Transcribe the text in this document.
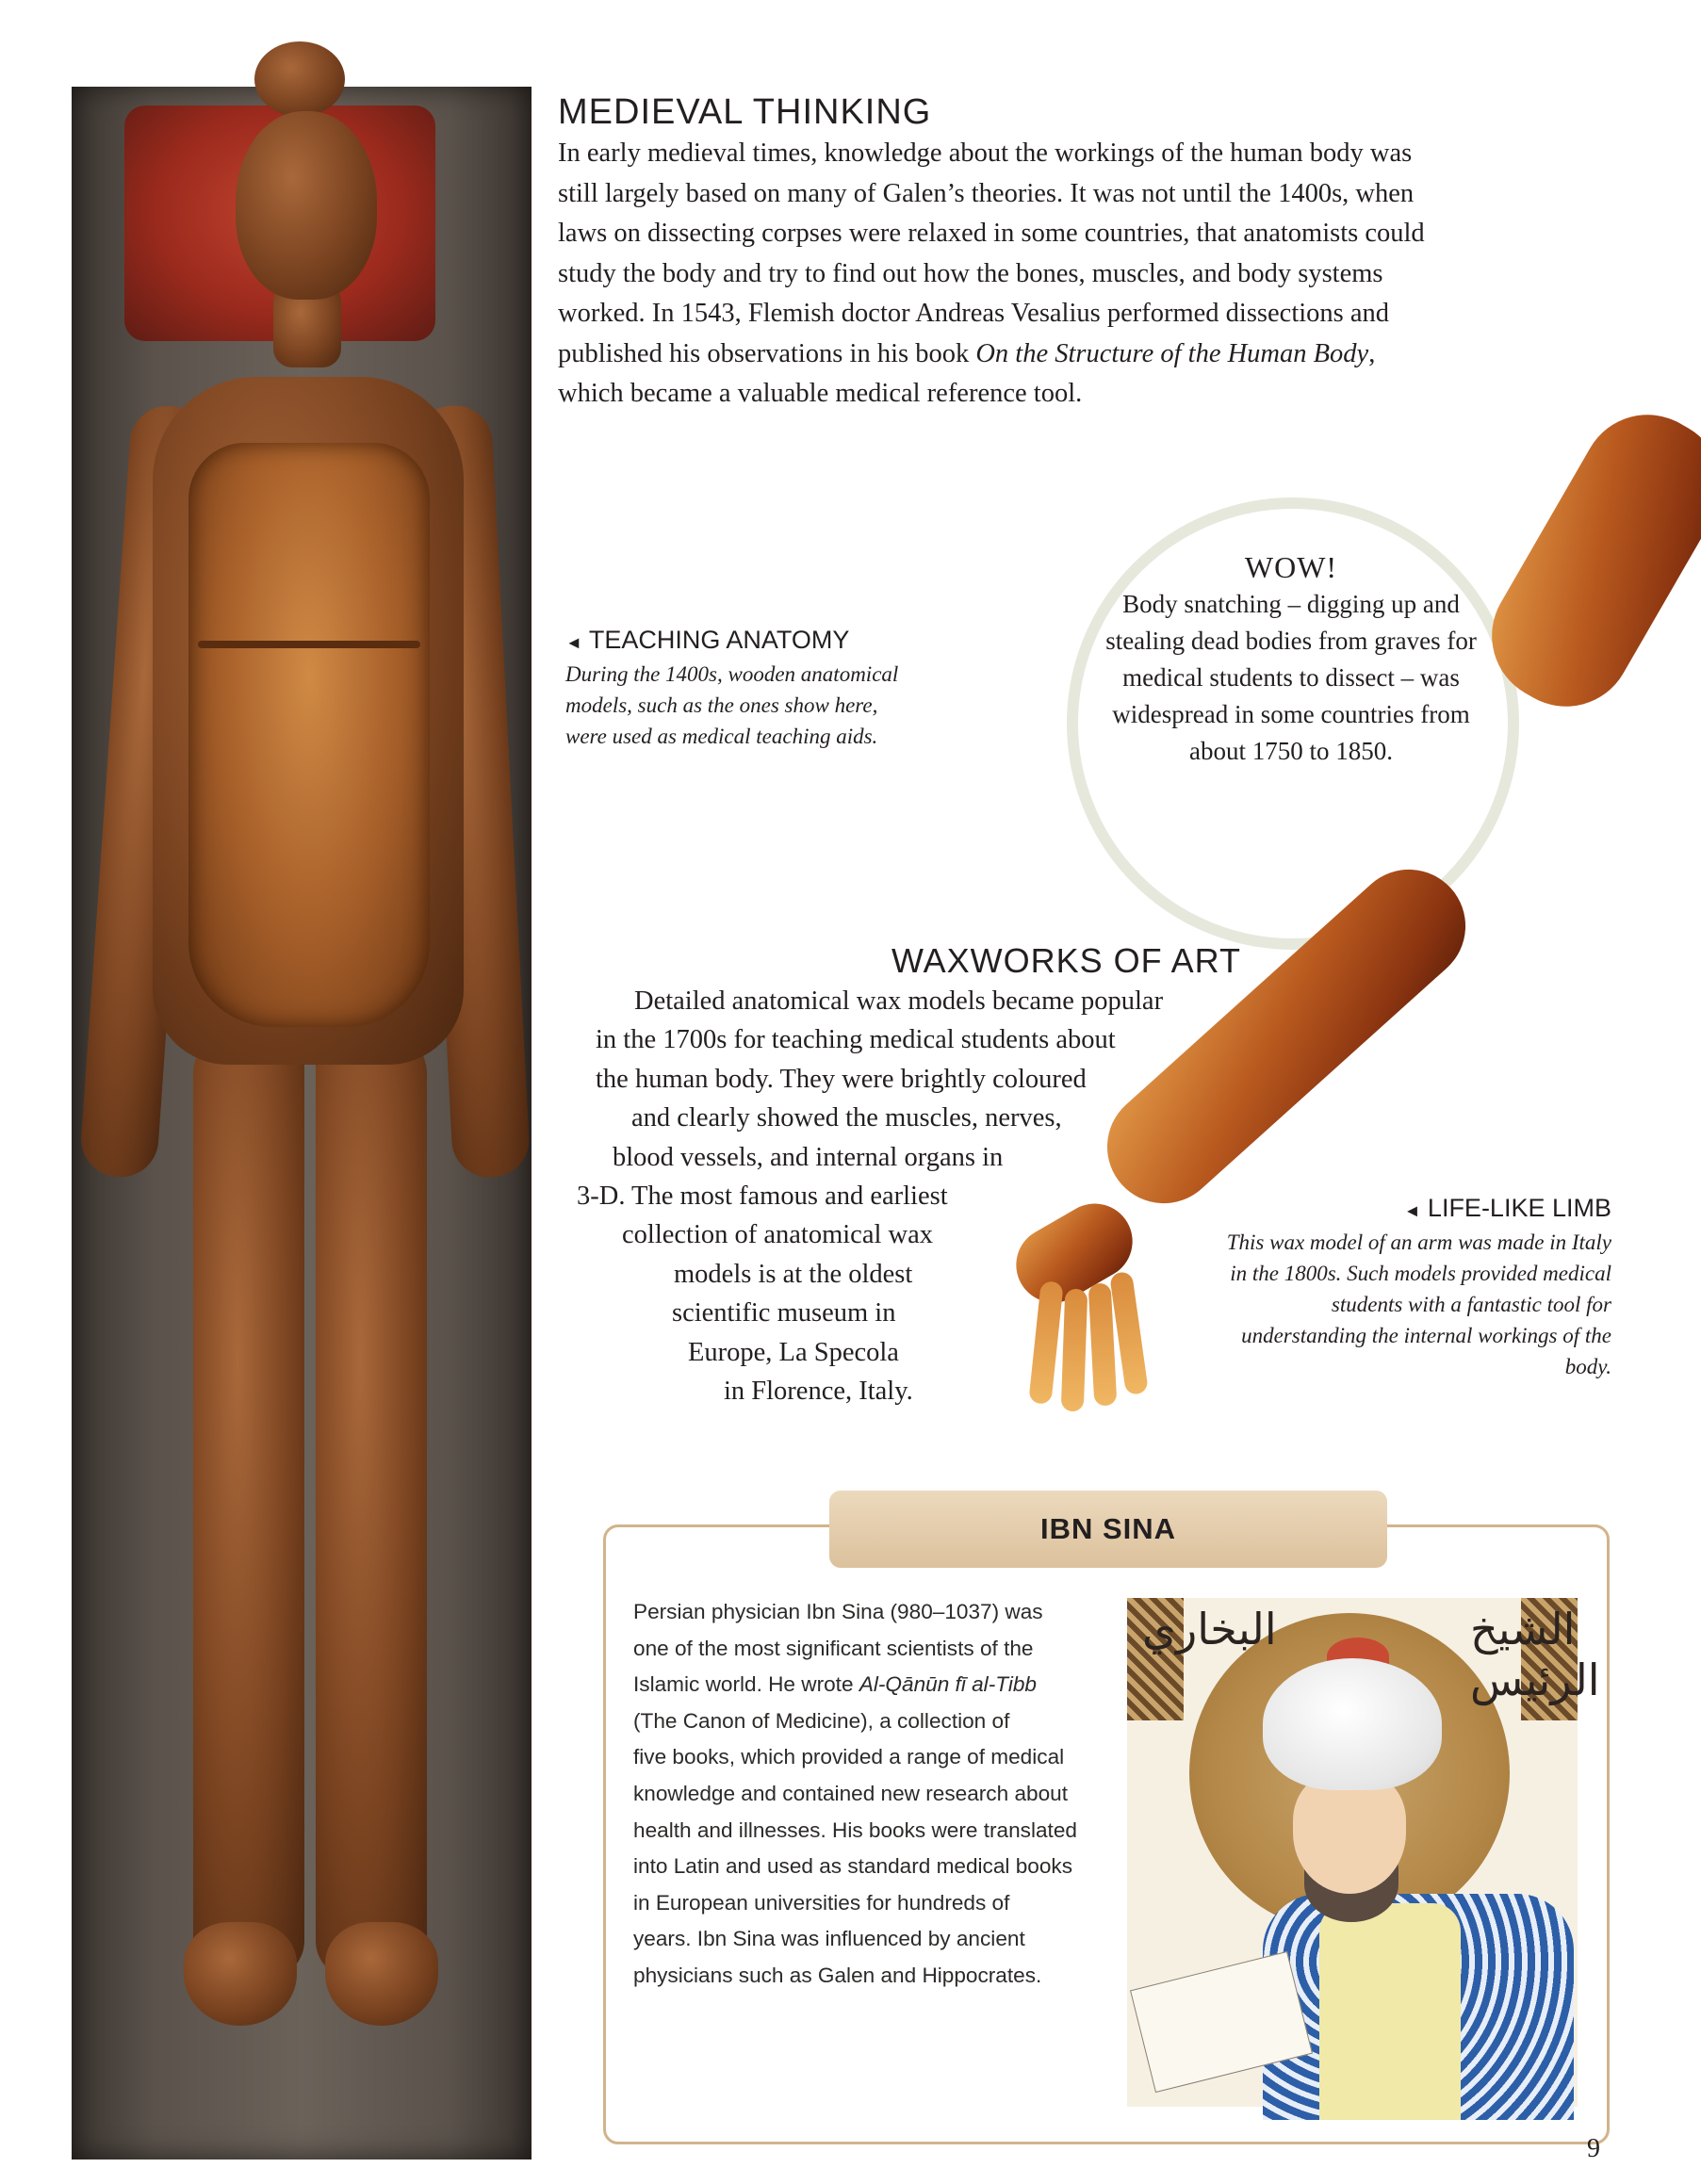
MEDIEVAL THINKING

In early medieval times, knowledge about the workings of the human body was still largely based on many of Galen’s theories. It was not until the 1400s, when laws on dissecting corpses were relaxed in some countries, that anatomists could study the body and try to find out how the bones, muscles, and body systems worked. In 1543, Flemish doctor Andreas Vesalius performed dissections and published his observations in his book On the Structure of the Human Body, which became a valuable medical reference tool.

◄ TEACHING ANATOMY
During the 1400s, wooden anatomical models, such as the ones show here, were used as medical teaching aids.
WOW!
Body snatching – digging up and stealing dead bodies from graves for medical students to dissect – was widespread in some countries from about 1750 to 1850.
WAXWORKS OF ART
Detailed anatomical wax models became popular
in the 1700s for teaching medical students about
the human body. They were brightly coloured
and clearly showed the muscles, nerves,
blood vessels, and internal organs in
3-D. The most famous and earliest
collection of anatomical wax
models is at the oldest
scientific museum in
Europe, La Specola
in Florence, Italy.
◄ LIFE-LIKE LIMB
This wax model of an arm was made in Italy in the 1800s. Such models provided medical students with a fantastic tool for understanding the internal workings of the body.
IBN SINA
Persian physician Ibn Sina (980–1037) was
one of the most significant scientists of the
Islamic world. He wrote Al-Qānūn fī al-Tibb
(The Canon of Medicine), a collection of
five books, which provided a range of medical
knowledge and contained new research about
health and illnesses. His books were translated
into Latin and used as standard medical books
in European universities for hundreds of
years. Ibn Sina was influenced by ancient
physicians such as Galen and Hippocrates.
البخاري	الشيخ الرئيس
9
